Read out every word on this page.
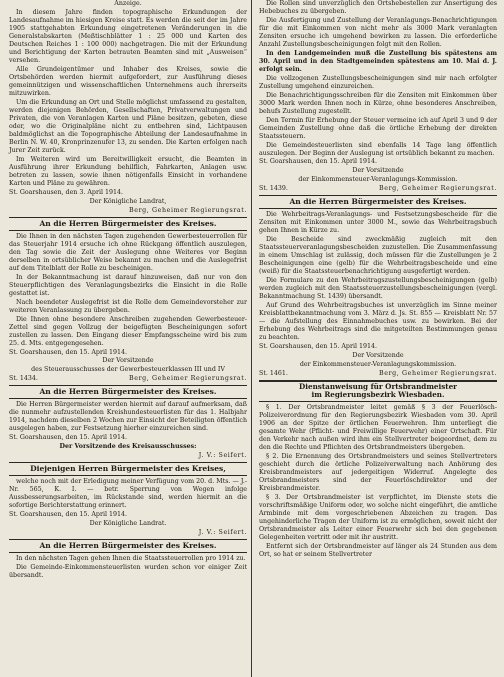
Anzeige.

In diesem Jahre finden topographische Erkundungen der Landesaufnahme im hiesigen Kreise statt. Es werden die seit der im Jahre 1905 stattgehabten Erkundung eingetretenen Veränderungen in die Generalstabskarten (Meßtischblätter 1 : 25 000 und Karten des Deutschen Reiches 1 : 100 000) nachgetragen. Die mit der Erkundung und Berichtigung der Karten betrauten Beamten sind mit „Ausweisen“ versehen.

Alle Grundeigentümer und Inhaber des Kreises, sowie die Ortsbehörden werden hiermit aufgefordert, zur Ausführung dieses gemeinnützigen und wissenschaftlichen Unternehmens auch ihrerseits mitzuwirken.

Um die Erkundung an Ort und Stelle möglichst umfassend zu gestalten, werden diejenigen Behörden, Gesellschaften, Privatverwaltungen und Privaten, die von Veranlagen Karten und Pläne besitzen, gebeten, diese oder, wo die Originalpläne nicht zu entbehren sind, Lichtpausen baldmöglichst an die Topographische Abteilung der Landesaufnahme in Berlin N. W. 40, Kronprinzenufer 13, zu senden. Die Karten erfolgen nach Jurer Zeit zurück.

Im Weiteren wird um Bereitwilligkeit ersucht, die Beamten in Ausführung ihrer Erkundung behilflich, Fahrkarten, Anlagen usw. betreten zu lassen, sowie ihnen nötigenfalls Einsicht in vorhandene Karten und Pläne zu gewähren.

St. Goarshausen, den 3. April 1914.

Der Königliche Landrat,

Berg, Geheimer Regierungsrat.

An die Herren Bürgermeister des Kreises.

Die Ihnen in den nächsten Tagen zugehenden Gewerbesteuerrollen für das Steuerjahr 1914 ersuche ich ohne Rückgang öffentlich auszulegen, den Tag sowie die Zeit der Auslegung ohne Weiteres vor Beginn derselben in ortsüblicher Weise bekannt zu machen und die Auslegefrist auf dem Titelblatt der Rolle zu bescheinigen.

In der Bekanntmachung ist darauf hinzuweisen, daß nur von den Steuerpflichtigen des Veranlagungsbezirks die Einsicht in die Rolle gestattet ist.

Nach beendeter Auslegefrist ist die Rolle dem Gemeindevorsteher zur weiteren Veranlassung zu übergeben.

Die Ihnen ohne besondere Anschreiben zugehenden Gewerbesteuer-Zettel sind gegen Vollzug der beigefügten Bescheinigungen sofort zustellen zu lassen. Den Eingang dieser Empfangsscheine wird bis zum 25. d. Mts. entgegengesehen.

St. Goarshausen, den 15. April 1914.

Der Vorsitzende

des Steuerausschusses der Gewerbesteuerklassen III und IV

St. 1434.	Berg, Geheimer Regierungsrat.
An die Herren Bürgermeister des Kreises.

Die Herren Bürgermeister werden hiermit auf darauf aufmerksam, daß die nunmehr aufzustellenden Kreishundesteuerlisten für das 1. Halbjahr 1914, nachdem dieselben 2 Wochen zur Einsicht der Beteiligten öffentlich ausgelegen haben, zur Festsetzung hierher einzureichen sind.

St. Goarshausen, den 15. April 1914.

Der Vorsitzende des Kreisausschusses:

J. V.: Seifert.

Diejenigen Herren Bürgermeister des Kreises,

welche noch mit der Erledigung meiner Verfügung vom 20. d. Mts. — J.-Nr. 565, K. I. — betr. Sperrung von Wegen infolge Aussbesserungsarbeiten, im Rückstande sind, werden hiermit an die sofortige Berichterstattung erinnert.

St. Goarshausen, den 15. April 1914.

Der Königliche Landrat.

J. V.: Seifert.

An die Herren Bürgermeister des Kreises.

In den nächsten Tagen gehen Ihnen die Staatssteuerrollen pro 1914 zu.

Die Gemeinde-Einkommensteuerlisten wurden schon vor einiger Zeit übersandt.

Die Rollen sind unverzüglich den Ortshebestellen zur Ansertigung des Hebebuches zu übergeben.

Die Ausfertigung und Zustellung der Veranlagungs-Benachrichtigungen für die mit Einkommen von nicht mehr als 3000 Mark veranlagten Zensiten ersuche ich umgehend bewirken zu lassen. Die erforderliche Anzahl Zustellungsbescheinigungen folgt mit den Rollen.

In den Landgemeinden muß die Zustellung bis spätestens am 30. April und in den Stadtgemeinden spätestens am 10. Mai d. J. erfolgt sein.

Die vollzogenen Zustellungsbescheinigungen sind mir nach erfolgter Zustellung umgehend einzureichen.

Die Benachrichtigungsschreiben für die Zensiten mit Einkommen über 3000 Mark werden Ihnen noch in Kürze, ohne besonderes Anschreiben, behufs Zustellung zugestellt.

Den Termin für Erhebung der Steuer vermeine ich auf April 3 und 9 der Gemeinden Zustellung ohne daß die örtliche Erhebung der direkten Staatssteuern.

Die Gemeindesteuerlisten sind ebenfalls 14 Tage lang öffentlich auszulegen. Der Beginn der Auslegung ist ortsüblich bekannt zu machen.

St. Goarshausen, den 15. April 1914.

Der Vorsitzende

der Einkommensteuer-Veranlagungs-Kommission.

St. 1439.	Berg, Geheimer Regierungsrat.
An die Herren Bürgermeister des Kreises.

Die Wehrbeitrags-Veranlagungs- und Festsetzungsbescheide für die Zensiten mit Einkommen unter 3000 M., sowie das Wehrbeitragsbuch gehen Ihnen in Kürze zu.

Die Bescheide sind zweckmäßig zugleich mit den Staatssteuerveranlagungsbescheiden zuzustellen. Die Zusammenfassung in einem Umschlag ist zulässig, doch müssen für die Zustellungen je 2 Bescheinigungen eine (gelb) für die Wehrbeitragsbescheide und eine (weiß) für die Staatssteuerbenachrichtigung ausgefertigt werden.

Die Formulare zu den Wehrbeitragszustellungsbescheinigungen (gelb) werden zugleich mit den Staatssteuerzustellungsbescheinigungen (vergl. Bekanntmachung St. 1439) übersandt.

Auf Grund des Wehrbeitragsbuches ist unverzüglich im Sinne meiner Kreisblattbekanntmachung vom 3. März d. Js. St. 855 — Kreisblatt Nr. 57 — die Aufstellung des Einnahmebuches usw. zu bewirken. Bei der Erhebung des Wehrbeitrags sind die mitgeteilten Bestimmungen genau zu beachten.

St. Goarshausen, den 15. April 1914.

Der Vorsitzende

der Einkommensteuer-Veranlagungskommission.

St. 1461.	Berg, Geheimer Regierungsrat.
Dienstanweisung für Ortsbrandmeister
im Regierungsbezirk Wiesbaden.

§ 1. Der Ortsbrandmeister leitet gemäß § 3 der Feuerlösch-Polizeiverordnung für den Regierungsbezirk Wiesbaden vom 30. April 1906 an der Spitze der örtlichen Feuerwehren. Ihm unterliegt die gesamte Wehr (Pflicht- und Freiwillige Feuerwehr) einer Ortschaft. Für den Verkehr nach außen wird ihm ein Stellvertreter beigeordnet, dem zu den die Rechte und Pflichten des Ortsbrandmeisters übergeben.

§ 2. Die Ernennung des Ortsbrandmeisters und seines Stellvertreters geschieht durch die örtliche Polizeiverwaltung nach Anhörung des Kreisbrandmeisters auf jedergeitigen Widerruf. Angelegte des Ortsbrandmeisters sind der Feuerlöschdirektor und der Kreisbrandmeister.

§ 3. Der Ortsbrandmeister ist verpflichtet, im Dienste stets die vorschriftsmäßige Uniform oder, wo solche nicht eingeführt, die amtliche Armbinde mit dem vorgeschriebenen Abzeichen zu tragen. Das ungehinderliche Tragen der Uniform ist zu ermöglichen, soweit nicht der Ortsbrandmeister als Leiter einer Feuerwehr sich bei den gegebenen Gelegenheiten vertritt oder mit ihr austritt.

Entfernt sich der Ortsbrandmeister auf länger als 24 Stunden aus dem Ort, so hat er seinem Stellvertreter
